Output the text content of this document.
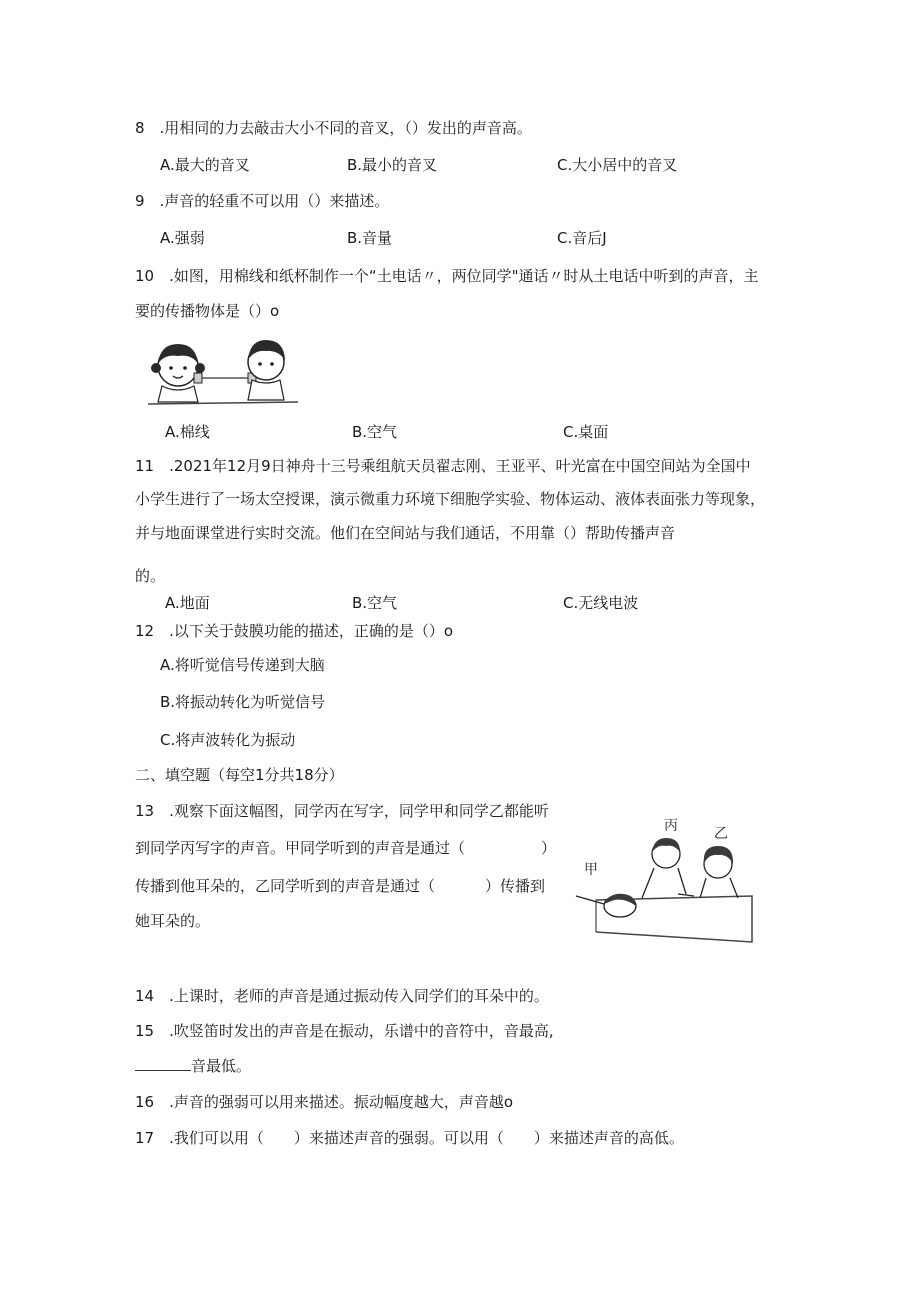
8　.用相同的力去敲击大小不同的音叉，（）发出的声音高。
A.最大的音叉	B.最小的音叉	C.大小居中的音叉
9　.声音的轻重不可以用（）来描述。
A.强弱	B.音量	C.音后J
10　.如图，用棉线和纸杯制作一个“土电话〃，两位同学"通话〃时从土电话中听到的声音，主
要的传播物体是（）o
A.棉线	B.空气	C.桌面
11　.2021年12月9日神舟十三号乘组航天员翟志刚、王亚平、叶光富在中国空间站为全国中
小学生进行了一场太空授课，演示微重力环境下细胞学实验、物体运动、液体表面张力等现象，
并与地面课堂进行实时交流。他们在空间站与我们通话，不用靠（）帮助传播声音
的。
A.地面	B.空气	C.无线电波
12　.以下关于鼓膜功能的描述，正确的是（）o
A.将听觉信号传递到大脑
B.将振动转化为听觉信号
C.将声波转化为振动
二、填空题（每空1分共18分）
13　.观察下面这幅图，同学丙在写字，同学甲和同学乙都能听
到同学丙写字的声音。甲同学听到的声音是通过（	）
传播到他耳朵的，乙同学听到的声音是通过（	）传播到
她耳朵的。
丙	乙
甲
14　.上课时，老师的声音是通过振动传入同学们的耳朵中的。
15　.吹竖笛时发出的声音是在振动，乐谱中的音符中，音最高,
音最低。
16　.声音的强弱可以用来描述。振动幅度越大，声音越o
17　.我们可以用（　　）来描述声音的强弱。可以用（　　）来描述声音的高低。
